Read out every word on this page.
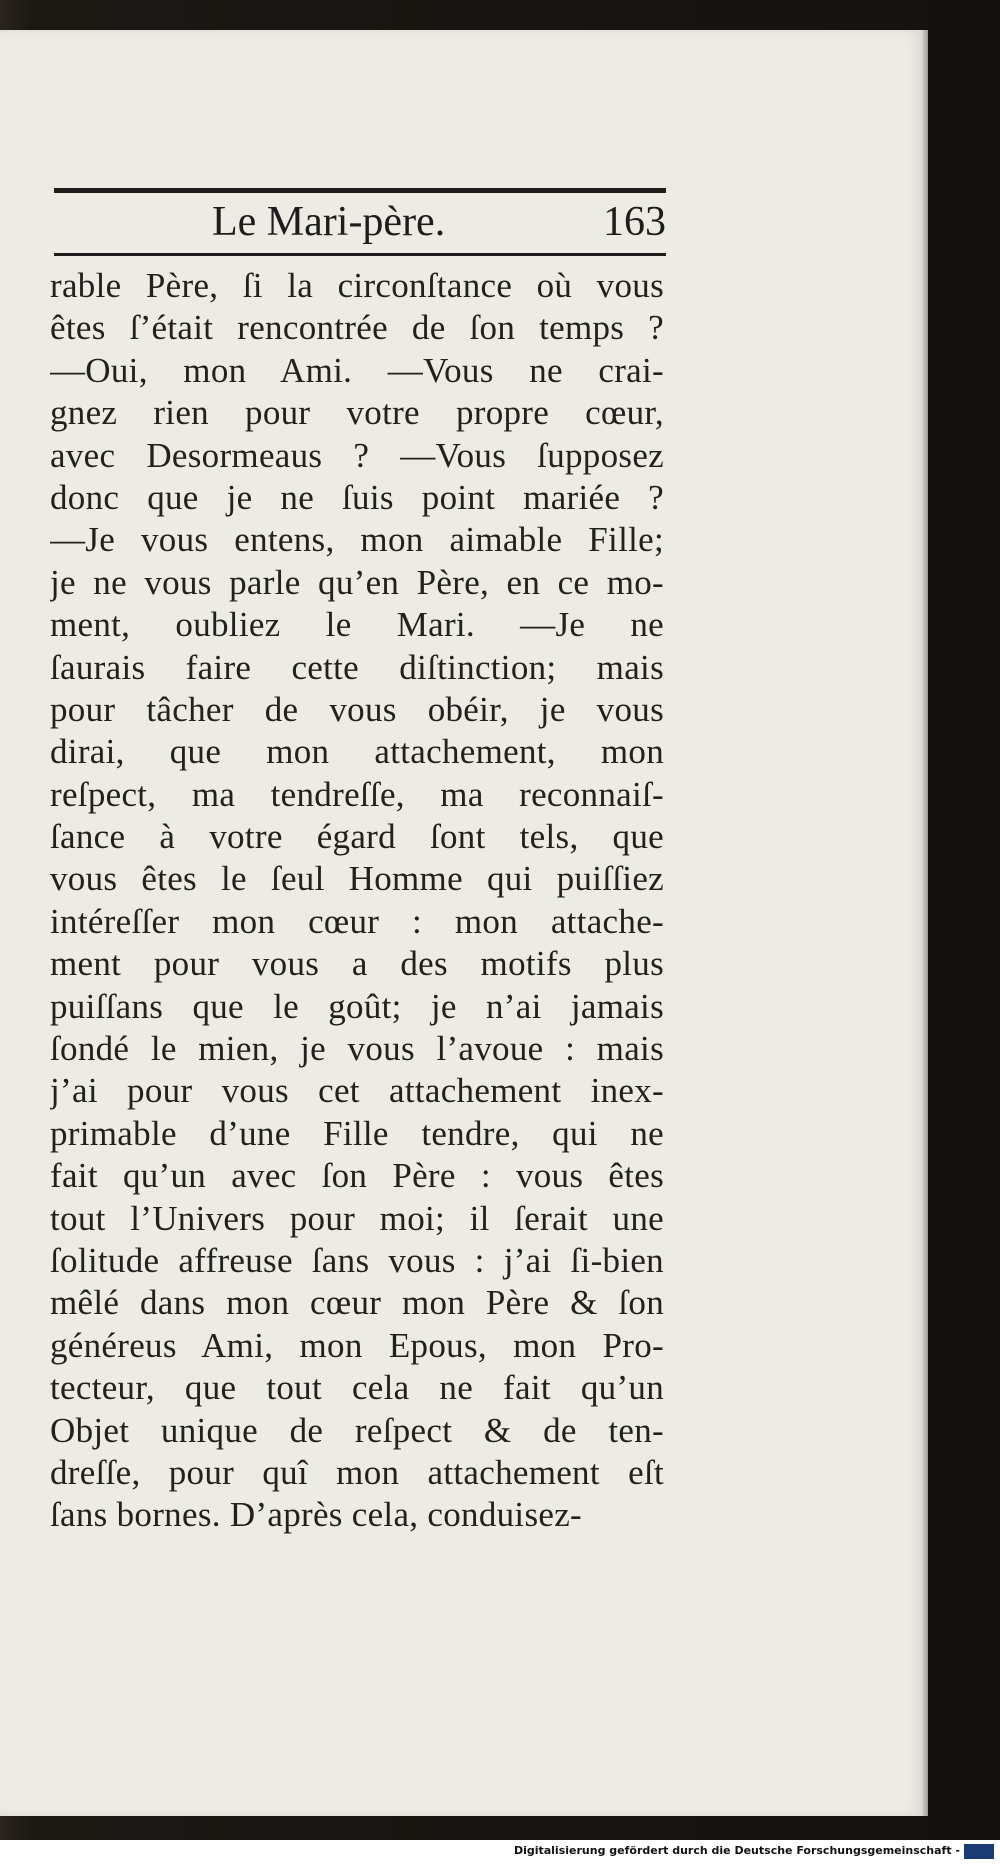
Le Mari-père.	163
rable Père, ſi la circonſtance où vous
êtes ſ’était rencontrée de ſon temps ?
—Oui, mon Ami. —Vous ne crai-
gnez rien pour votre propre cœur,
avec Desormeaus ? —Vous ſupposez
donc que je ne ſuis point mariée ?
—Je vous entens, mon aimable Fille;
je ne vous parle qu’en Père, en ce mo-
ment, oubliez le Mari. —Je ne
ſaurais faire cette diſtinction; mais
pour tâcher de vous obéir, je vous
dirai, que mon attachement, mon
reſpect, ma tendreſſe, ma reconnaiſ-
ſance à votre égard ſont tels, que
vous êtes le ſeul Homme qui puiſſiez
intéreſſer mon cœur : mon attache-
ment pour vous a des motifs plus
puiſſans que le goût; je n’ai jamais
ſondé le mien, je vous l’avoue : mais
j’ai pour vous cet attachement inex-
primable d’une Fille tendre, qui ne
fait qu’un avec ſon Père : vous êtes
tout l’Univers pour moi; il ſerait une
ſolitude affreuse ſans vous : j’ai ſi-bien
mêlé dans mon cœur mon Père & ſon
généreus Ami, mon Epous, mon Pro-
tecteur, que tout cela ne fait qu’un
Objet unique de reſpect & de ten-
dreſſe, pour quî mon attachement eſt
ſans bornes. D’après cela, conduisez-
Digitalisierung gefördert durch die Deutsche Forschungsgemeinschaft -
